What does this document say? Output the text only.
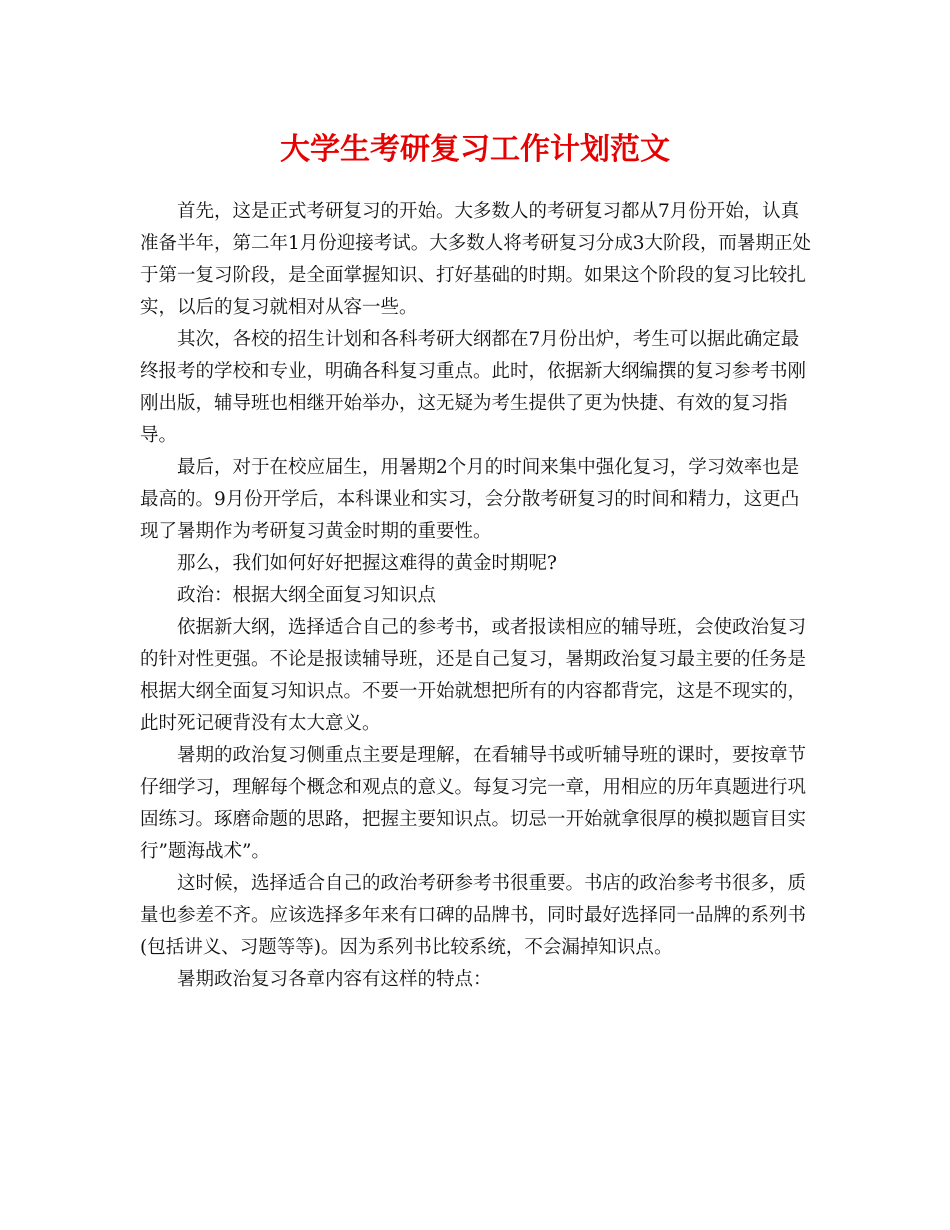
大学生考研复习工作计划范文

首先，这是正式考研复习的开始。大多数人的考研复习都从7月份开始，认真准备半年，第二年1月份迎接考试。大多数人将考研复习分成3大阶段，而暑期正处于第一复习阶段，是全面掌握知识、打好基础的时期。如果这个阶段的复习比较扎实，以后的复习就相对从容一些。

其次，各校的招生计划和各科考研大纲都在7月份出炉，考生可以据此确定最终报考的学校和专业，明确各科复习重点。此时，依据新大纲编撰的复习参考书刚刚出版，辅导班也相继开始举办，这无疑为考生提供了更为快捷、有效的复习指导。

最后，对于在校应届生，用暑期2个月的时间来集中强化复习，学习效率也是最高的。9月份开学后，本科课业和实习，会分散考研复习的时间和精力，这更凸现了暑期作为考研复习黄金时期的重要性。

那么，我们如何好好把握这难得的黄金时期呢?

政治：根据大纲全面复习知识点

依据新大纲，选择适合自己的参考书，或者报读相应的辅导班，会使政治复习的针对性更强。不论是报读辅导班，还是自己复习，暑期政治复习最主要的任务是根据大纲全面复习知识点。不要一开始就想把所有的内容都背完，这是不现实的，此时死记硬背没有太大意义。

暑期的政治复习侧重点主要是理解，在看辅导书或听辅导班的课时，要按章节仔细学习，理解每个概念和观点的意义。每复习完一章，用相应的历年真题进行巩固练习。琢磨命题的思路，把握主要知识点。切忌一开始就拿很厚的模拟题盲目实行”题海战术”。

这时候，选择适合自己的政治考研参考书很重要。书店的政治参考书很多，质量也参差不齐。应该选择多年来有口碑的品牌书，同时最好选择同一品牌的系列书(包括讲义、习题等等)。因为系列书比较系统，不会漏掉知识点。

暑期政治复习各章内容有这样的特点：
